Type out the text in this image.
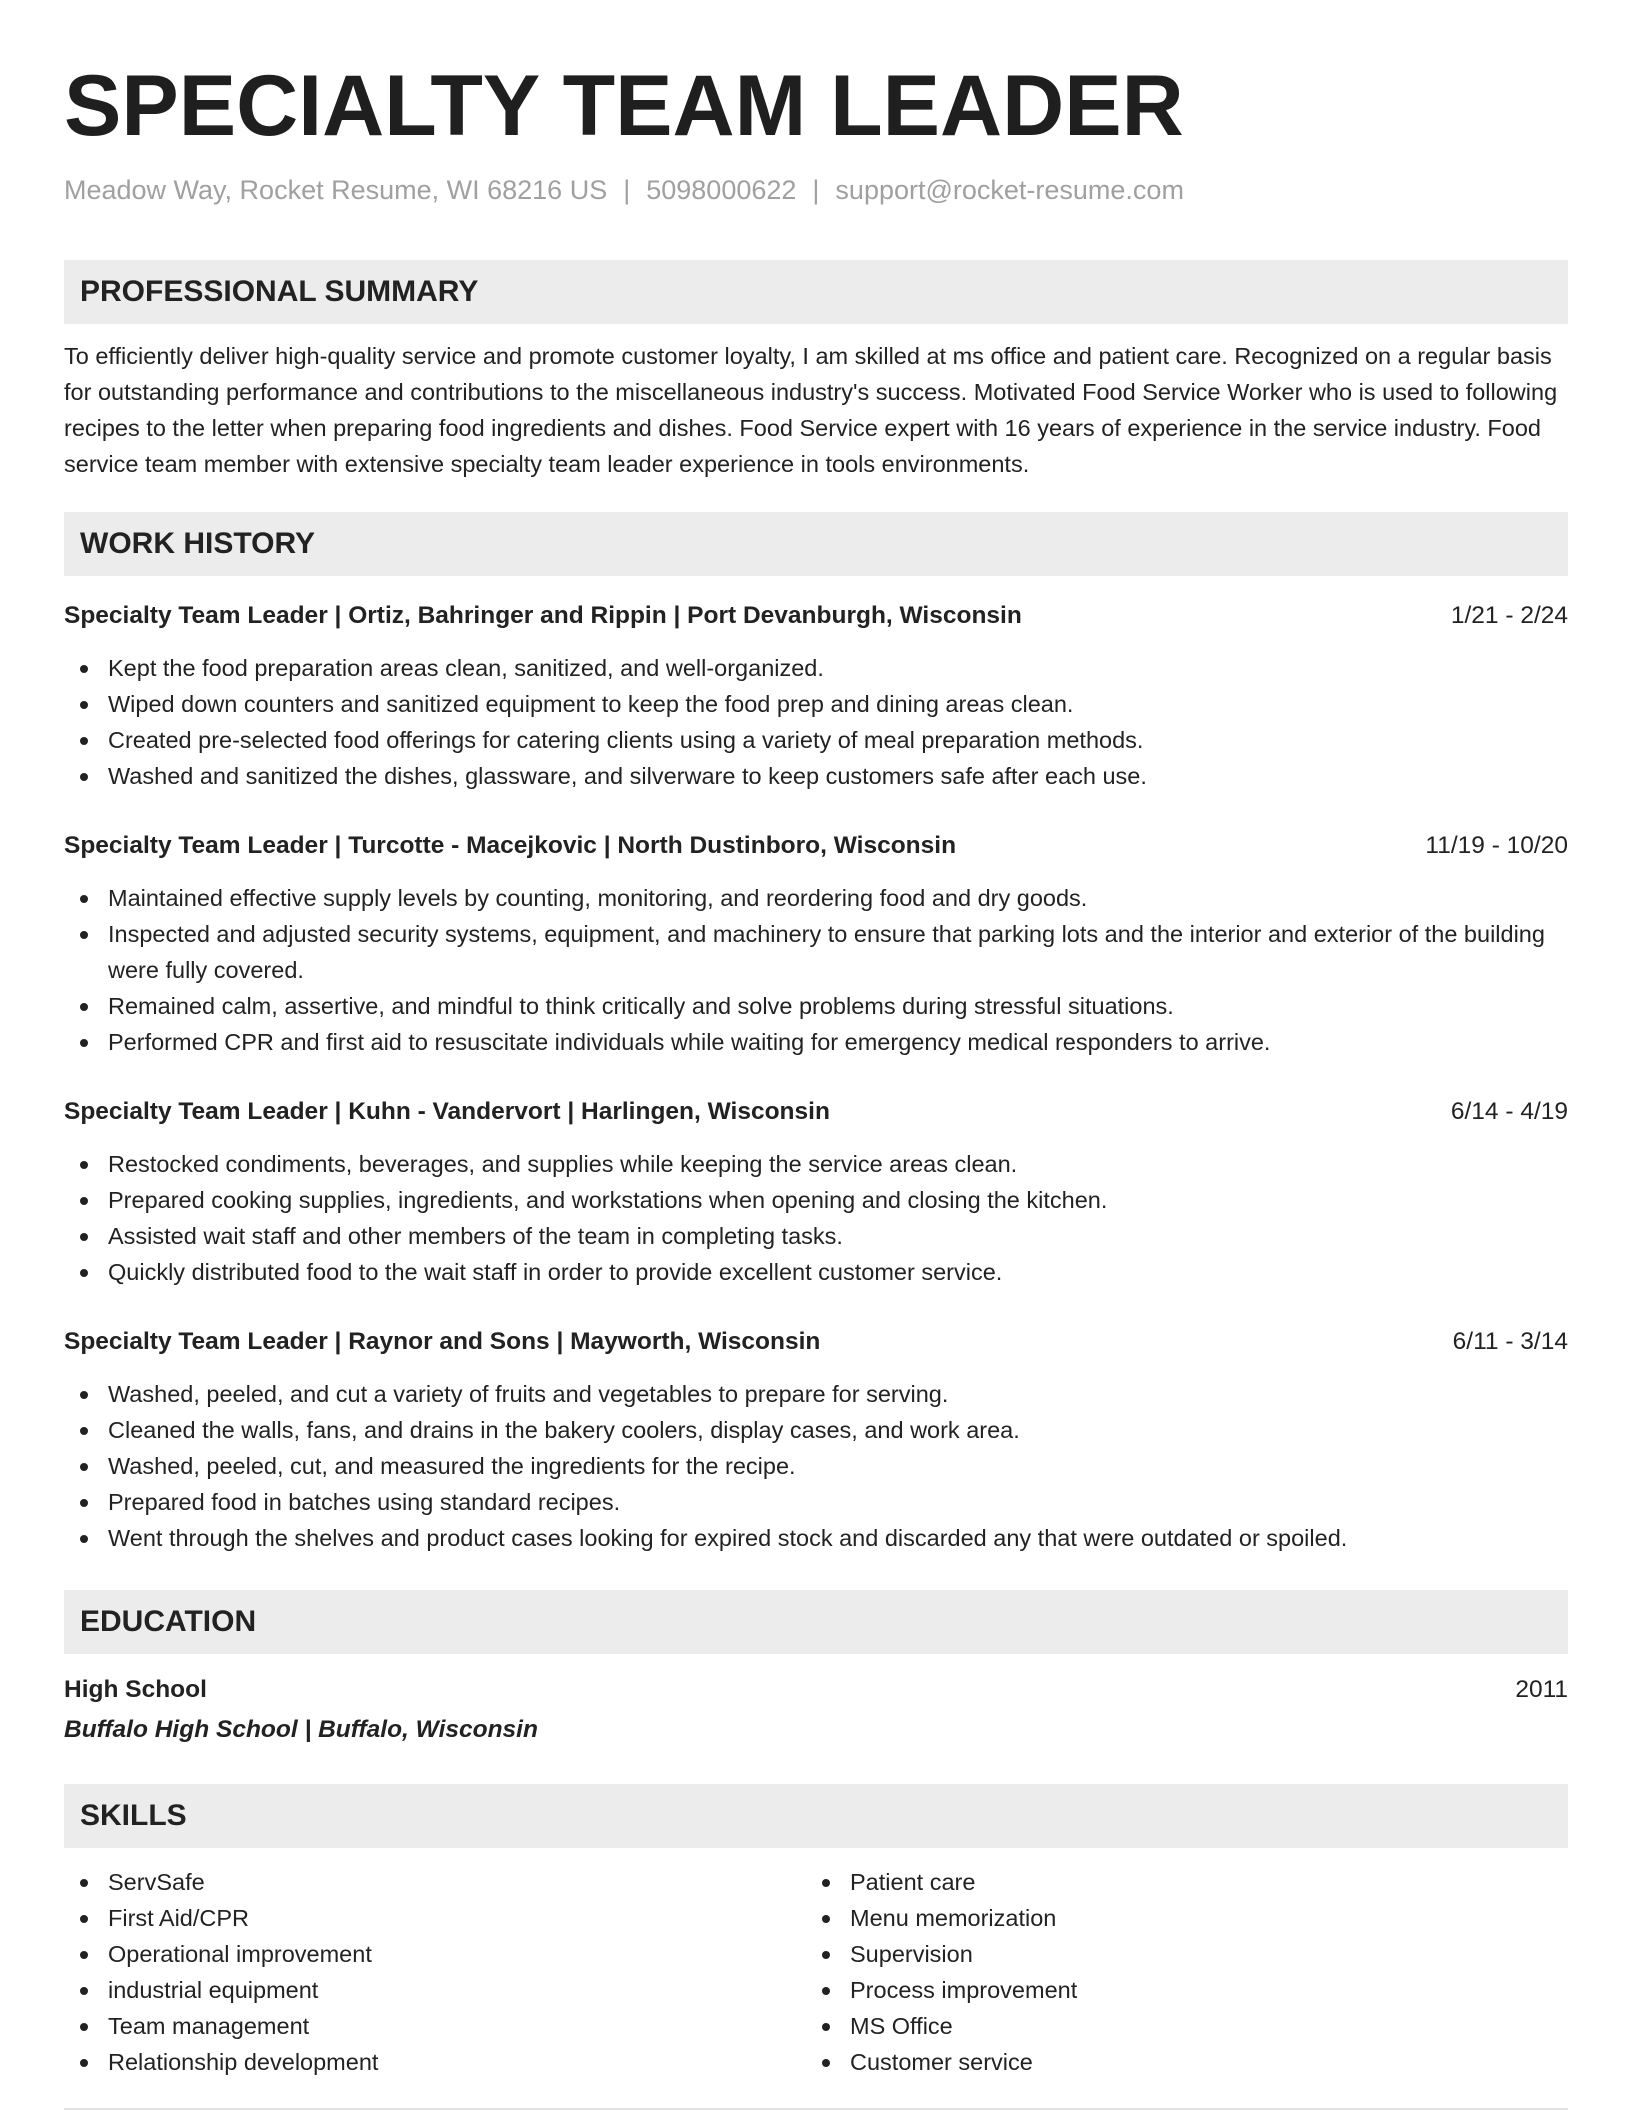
SPECIALTY TEAM LEADER
Meadow Way, Rocket Resume, WI 68216 US | 5098000622 | support@rocket-resume.com
PROFESSIONAL SUMMARY
To efficiently deliver high-quality service and promote customer loyalty, I am skilled at ms office and patient care. Recognized on a regular basis for outstanding performance and contributions to the miscellaneous industry's success. Motivated Food Service Worker who is used to following recipes to the letter when preparing food ingredients and dishes. Food Service expert with 16 years of experience in the service industry. Food service team member with extensive specialty team leader experience in tools environments.
WORK HISTORY
Specialty Team Leader | Ortiz, Bahringer and Rippin | Port Devanburgh, Wisconsin	1/21 - 2/24
Kept the food preparation areas clean, sanitized, and well-organized.
Wiped down counters and sanitized equipment to keep the food prep and dining areas clean.
Created pre-selected food offerings for catering clients using a variety of meal preparation methods.
Washed and sanitized the dishes, glassware, and silverware to keep customers safe after each use.
Specialty Team Leader | Turcotte - Macejkovic | North Dustinboro, Wisconsin	11/19 - 10/20
Maintained effective supply levels by counting, monitoring, and reordering food and dry goods.
Inspected and adjusted security systems, equipment, and machinery to ensure that parking lots and the interior and exterior of the building were fully covered.
Remained calm, assertive, and mindful to think critically and solve problems during stressful situations.
Performed CPR and first aid to resuscitate individuals while waiting for emergency medical responders to arrive.
Specialty Team Leader | Kuhn - Vandervort | Harlingen, Wisconsin	6/14 - 4/19
Restocked condiments, beverages, and supplies while keeping the service areas clean.
Prepared cooking supplies, ingredients, and workstations when opening and closing the kitchen.
Assisted wait staff and other members of the team in completing tasks.
Quickly distributed food to the wait staff in order to provide excellent customer service.
Specialty Team Leader | Raynor and Sons | Mayworth, Wisconsin	6/11 - 3/14
Washed, peeled, and cut a variety of fruits and vegetables to prepare for serving.
Cleaned the walls, fans, and drains in the bakery coolers, display cases, and work area.
Washed, peeled, cut, and measured the ingredients for the recipe.
Prepared food in batches using standard recipes.
Went through the shelves and product cases looking for expired stock and discarded any that were outdated or spoiled.
EDUCATION
High School	2011
Buffalo High School | Buffalo, Wisconsin
SKILLS
ServSafe
First Aid/CPR
Operational improvement
industrial equipment
Team management
Relationship development
Patient care
Menu memorization
Supervision
Process improvement
MS Office
Customer service
